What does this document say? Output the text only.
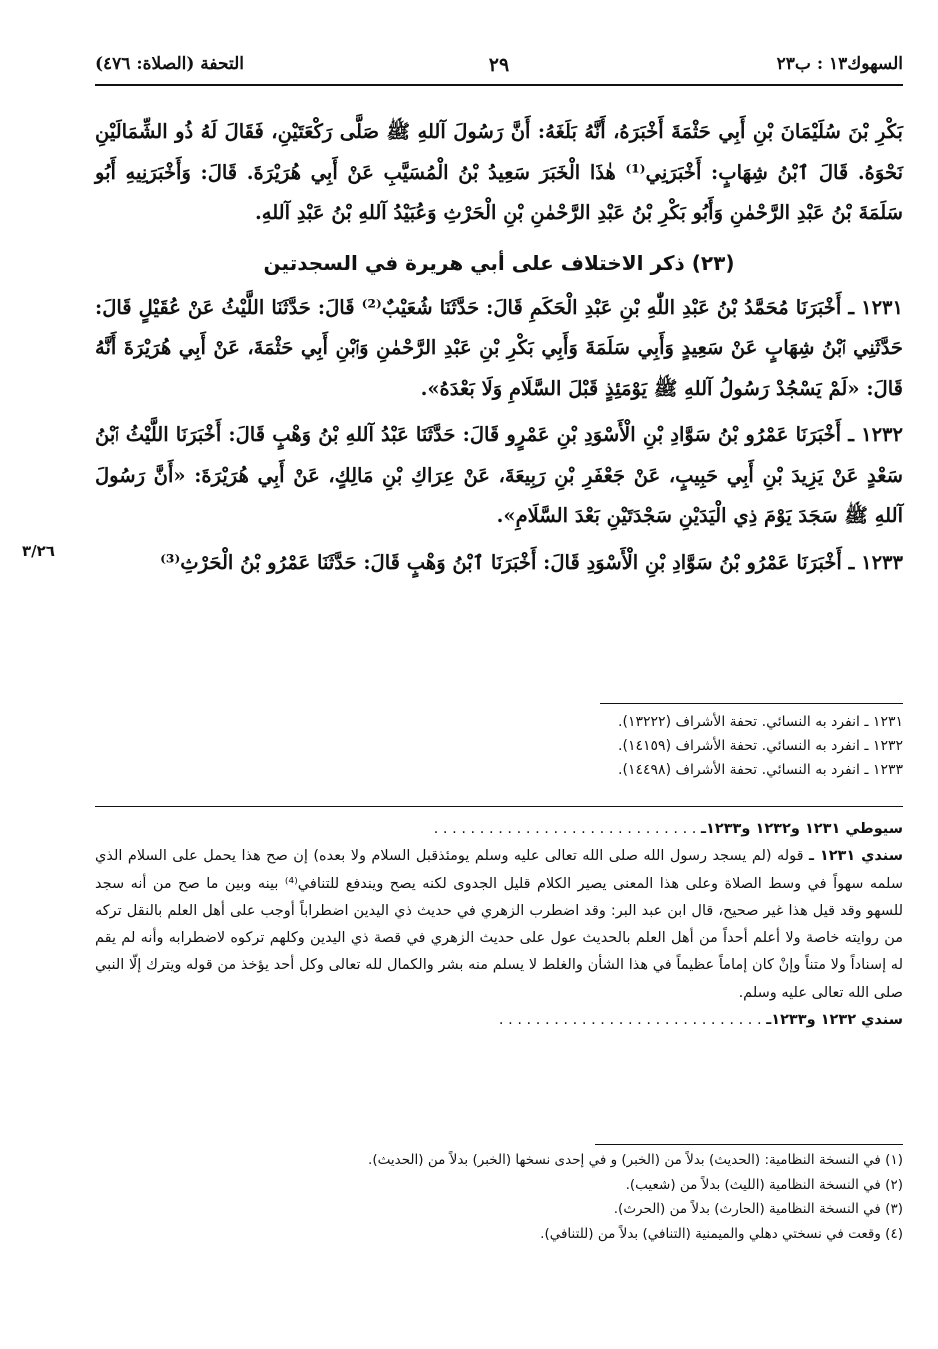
السهوك١٣ : ب٢٣
٢٩
التحفة (الصلاة: ٤٧٦)

بَكْرِ بْنَ سُلَيْمَانَ بْنِ أَبِي حَثْمَةَ أَخْبَرَهُ، أَنَّهُ بَلَغَهُ: أَنَّ رَسُولَ آللهِ ﷺ صَلَّى رَكْعَتَيْنِ، فَقَالَ لَهُ ذُو الشِّمَالَيْنِ نَحْوَهُ. قَالَ ٱبْنُ شِهَابٍ: أَخْبَرَنِي⁽¹⁾ هٰذَا الْخَبَرَ سَعِيدُ بْنُ الْمُسَيَّبِ عَنْ أَبِي هُرَيْرَةَ. قَالَ: وَأَخْبَرَنِيهِ أَبُو سَلَمَةَ بْنُ عَبْدِ الرَّحْمٰنِ وَأَبُو بَكْرِ بْنُ عَبْدِ الرَّحْمٰنِ بْنِ الْحَرْثِ وَعُبَيْدُ آللهِ بْنُ عَبْدِ آللهِ.

(٢٣) ذكر الاختلاف على أبي هريرة في السجدتين

١٢٣١ ـ أَخْبَرَنَا مُحَمَّدُ بْنُ عَبْدِ اللّٰهِ بْنِ عَبْدِ الْحَكَمِ قَالَ: حَدَّثَنَا شُعَيْبٌ⁽²⁾ قَالَ: حَدَّثَنَا اللَّيْثُ عَنْ عُقَيْلٍ قَالَ: حَدَّثَنِي ٱبْنُ شِهَابٍ عَنْ سَعِيدٍ وَأَبِي سَلَمَةَ وَأَبِي بَكْرِ بْنِ عَبْدِ الرَّحْمٰنِ وَٱبْنِ أَبِي حَثْمَةَ، عَنْ أَبِي هُرَيْرَةَ أَنَّهُ قَالَ: «لَمْ يَسْجُدْ رَسُولُ آللهِ ﷺ يَوْمَئِذٍ قَبْلَ السَّلَامِ وَلَا بَعْدَهُ».

١٢٣٢ ـ أَخْبَرَنَا عَمْرُو بْنُ سَوَّادِ بْنِ الْأَسْوَدِ بْنِ عَمْرٍو قَالَ: حَدَّثَنَا عَبْدُ آللهِ بْنُ وَهْبٍ قَالَ: أَخْبَرَنَا اللَّيْثُ ٱبْنُ سَعْدٍ عَنْ يَزِيدَ بْنِ أَبِي حَبِيبٍ، عَنْ جَعْفَرِ بْنِ رَبِيعَةَ، عَنْ عِرَاكِ بْنِ مَالِكٍ، عَنْ أَبِي هُرَيْرَةَ: «أَنَّ رَسُولَ آللهِ ﷺ سَجَدَ يَوْمَ ذِي الْيَدَيْنِ سَجْدَتَيْنِ بَعْدَ السَّلَامِ».

١٢٣٣ ـ أَخْبَرَنَا عَمْرُو بْنُ سَوَّادِ بْنِ الْأَسْوَدِ قَالَ: أَخْبَرَنَا ٱبْنُ وَهْبٍ قَالَ: حَدَّثَنَا عَمْرُو بْنُ الْحَرْثِ⁽³⁾

٣/٢٦
١٢٣١ ـ انفرد به النسائي. تحفة الأشراف (١٣٢٢٢).
١٢٣٢ ـ انفرد به النسائي. تحفة الأشراف (١٤١٥٩).
١٢٣٣ ـ انفرد به النسائي. تحفة الأشراف (١٤٤٩٨).

سيوطي ١٢٣١ و١٢٣٢ و١٢٣٣ـ . . . . . . . . . . . . . . . . . . . . . . . . . . . . .

سندي ١٢٣١ ـ قوله (لم يسجد رسول الله صلى الله تعالى عليه وسلم يومئذقبل السلام ولا بعده) إن صح هذا يحمل على السلام الذي سلمه سهواً في وسط الصلاة وعلى هذا المعنى يصير الكلام قليل الجدوى لكنه يصح ويندفع للتنافي⁽⁴⁾ بينه وبين ما صح من أنه سجد للسهو وقد قيل هذا غير صحيح، قال ابن عبد البر: وقد اضطرب الزهري في حديث ذي اليدين اضطراباً أوجب على أهل العلم بالنقل تركه من روايته خاصة ولا أعلم أحداً من أهل العلم بالحديث عول على حديث الزهري في قصة ذي اليدين وكلهم تركوه لاضطرابه وأنه لم يقم له إسناداً ولا متناً وإنْ كان إماماً عظيماً في هذا الشأن والغلط لا يسلم منه بشر والكمال لله تعالى وكل أحد يؤخذ من قوله ويترك إلّا النبي صلى الله تعالى عليه وسلم.

سندي ١٢٣٢ و١٢٣٣ـ . . . . . . . . . . . . . . . . . . . . . . . . . . . . .

(١) في النسخة النظامية: (الحديث) بدلاً من (الخبر) و في إحدى نسخها (الخبر) بدلاً من (الحديث).
(٢) في النسخة النظامية (الليث) بدلاً من (شعيب).
(٣) في النسخة النظامية (الحارث) بدلاً من (الحرث).
(٤) وقعت في نسختي دهلي والميمنية (التنافي) بدلاً من (للتنافي).
